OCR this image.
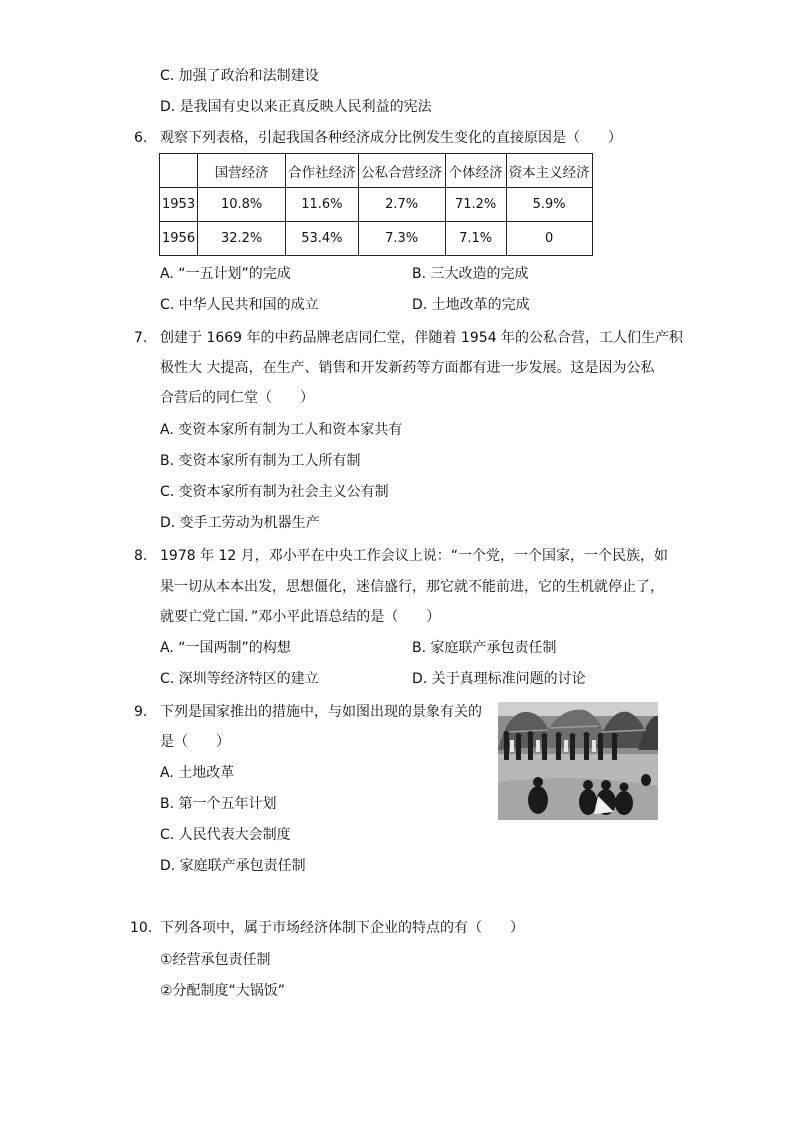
C. 加强了政治和法制建设
D. 是我国有史以来正真反映人民利益的宪法
6. 观察下列表格，引起我国各种经济成分比例发生变化的直接原因是（　　）
	国营经济	合作社经济	公私合营经济	个体经济	资本主义经济
1953	10.8%	11.6%	2.7%	71.2%	5.9%
1956	32.2%	53.4%	7.3%	7.1%	0
A. “一五计划”的完成	B. 三大改造的完成
C. 中华人民共和国的成立	D. 土地改革的完成
7. 创建于 1669 年的中药品牌老店同仁堂，伴随着 1954 年的公私合营，工人们生产积
极性大 大提高，在生产、销售和开发新药等方面都有进一步发展。这是因为公私
合营后的同仁堂（　　）
A. 变资本家所有制为工人和资本家共有
B. 变资本家所有制为工人所有制
C. 变资本家所有制为社会主义公有制
D. 变手工劳动为机器生产
8. 1978 年 12 月，邓小平在中央工作会议上说：“一个党，一个国家，一个民族，如
果一切从本本出发，思想僵化，迷信盛行，那它就不能前进，它的生机就停止了，
就要亡党亡国．”邓小平此语总结的是（　　）
A. “一国两制”的构想	B. 家庭联产承包责任制
C. 深圳等经济特区的建立	D. 关于真理标准问题的讨论
9. 下列是国家推出的措施中，与如图出现的景象有关的
是（　　）
A. 土地改革
B. 第一个五年计划
C. 人民代表大会制度
D. 家庭联产承包责任制
10. 下列各项中，属于市场经济体制下企业的特点的有（　　）
①经营承包责任制
②分配制度“大锅饭”
